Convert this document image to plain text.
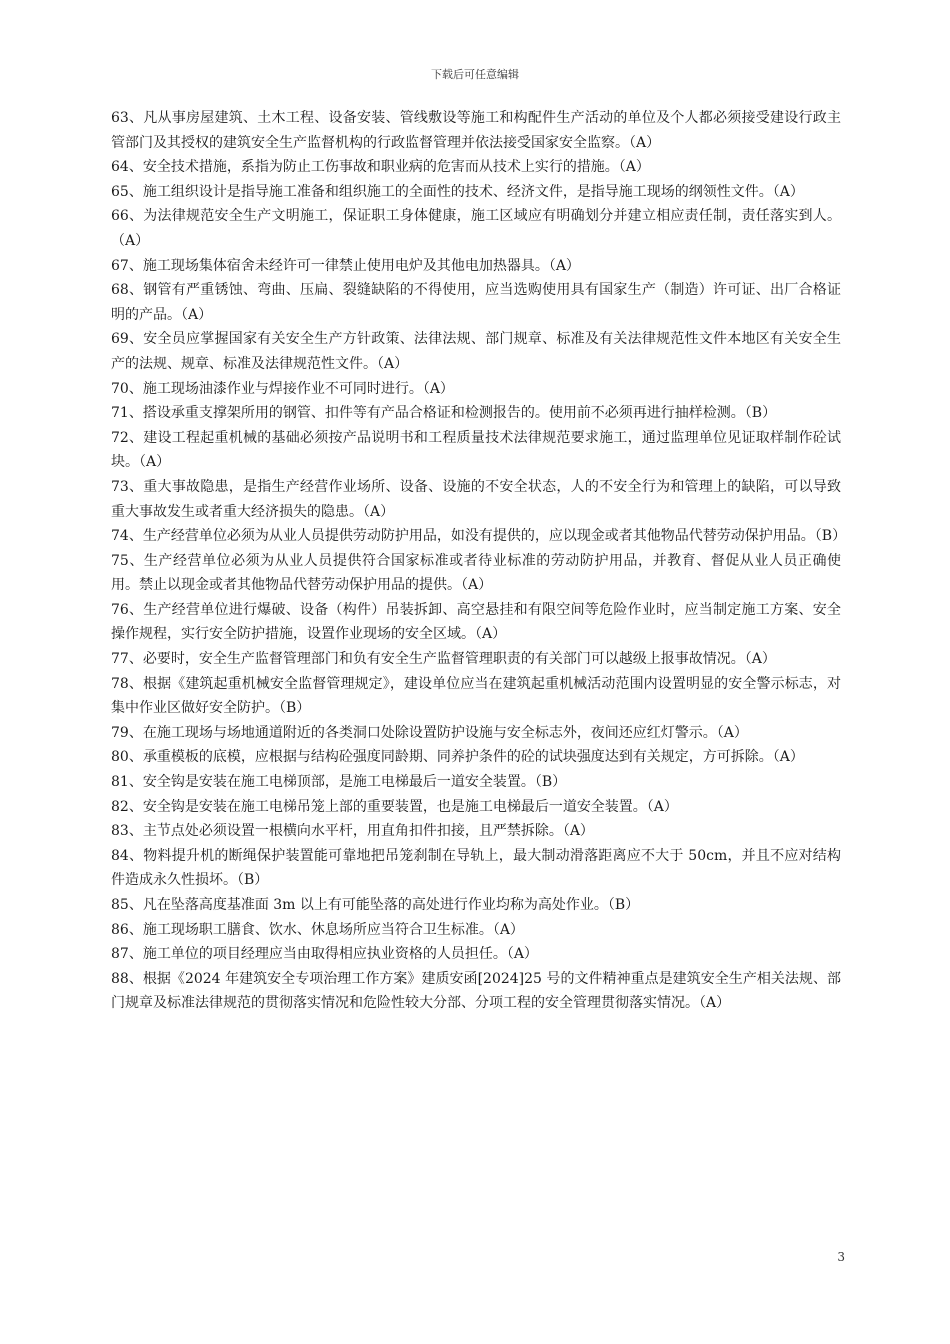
下载后可任意编辑

63、凡从事房屋建筑、土木工程、设备安装、管线敷设等施工和构配件生产活动的单位及个人都必须接受建设行政主管部门及其授权的建筑安全生产监督机构的行政监督管理并依法接受国家安全监察。（A）

64、安全技术措施，系指为防止工伤事故和职业病的危害而从技术上实行的措施。（A）

65、施工组织设计是指导施工准备和组织施工的全面性的技术、经济文件，是指导施工现场的纲领性文件。（A）

66、为法律规范安全生产文明施工，保证职工身体健康，施工区域应有明确划分并建立相应责任制，责任落实到人。（A）

67、施工现场集体宿舍未经许可一律禁止使用电炉及其他电加热器具。（A）

68、钢管有严重锈蚀、弯曲、压扁、裂缝缺陷的不得使用，应当选购使用具有国家生产（制造）许可证、出厂合格证明的产品。（A）

69、安全员应掌握国家有关安全生产方针政策、法律法规、部门规章、标准及有关法律规范性文件本地区有关安全生产的法规、规章、标准及法律规范性文件。（A）

70、施工现场油漆作业与焊接作业不可同时进行。（A）

71、搭设承重支撑架所用的钢管、扣件等有产品合格证和检测报告的。使用前不必须再进行抽样检测。（B）

72、建设工程起重机械的基础必须按产品说明书和工程质量技术法律规范要求施工，通过监理单位见证取样制作砼试块。（A）

73、重大事故隐患，是指生产经营作业场所、设备、设施的不安全状态，人的不安全行为和管理上的缺陷，可以导致重大事故发生或者重大经济损失的隐患。（A）

74、生产经营单位必须为从业人员提供劳动防护用品，如没有提供的，应以现金或者其他物品代替劳动保护用品。（B）

75、生产经营单位必须为从业人员提供符合国家标准或者待业标准的劳动防护用品，并教育、督促从业人员正确使用。禁止以现金或者其他物品代替劳动保护用品的提供。（A）

76、生产经营单位进行爆破、设备（构件）吊装拆卸、高空悬挂和有限空间等危险作业时，应当制定施工方案、安全操作规程，实行安全防护措施，设置作业现场的安全区域。（A）

77、必要时，安全生产监督管理部门和负有安全生产监督管理职责的有关部门可以越级上报事故情况。（A）

78、根据《建筑起重机械安全监督管理规定》，建设单位应当在建筑起重机械活动范围内设置明显的安全警示标志，对集中作业区做好安全防护。（B）

79、在施工现场与场地通道附近的各类洞口处除设置防护设施与安全标志外，夜间还应红灯警示。（A）

80、承重模板的底模，应根据与结构砼强度同龄期、同养护条件的砼的试块强度达到有关规定，方可拆除。（A）

81、安全钩是安装在施工电梯顶部，是施工电梯最后一道安全装置。（B）

82、安全钩是安装在施工电梯吊笼上部的重要装置，也是施工电梯最后一道安全装置。（A）

83、主节点处必须设置一根横向水平杆，用直角扣件扣接，且严禁拆除。（A）

84、物料提升机的断绳保护装置能可靠地把吊笼刹制在导轨上，最大制动滑落距离应不大于 50cm，并且不应对结构件造成永久性损坏。（B）

85、凡在坠落高度基准面 3m 以上有可能坠落的高处进行作业均称为高处作业。（B）

86、施工现场职工膳食、饮水、休息场所应当符合卫生标准。（A）

87、施工单位的项目经理应当由取得相应执业资格的人员担任。（A）

88、根据《2024 年建筑安全专项治理工作方案》建质安函[2024]25 号的文件精神重点是建筑安全生产相关法规、部门规章及标准法律规范的贯彻落实情况和危险性较大分部、分项工程的安全管理贯彻落实情况。（A）

3
